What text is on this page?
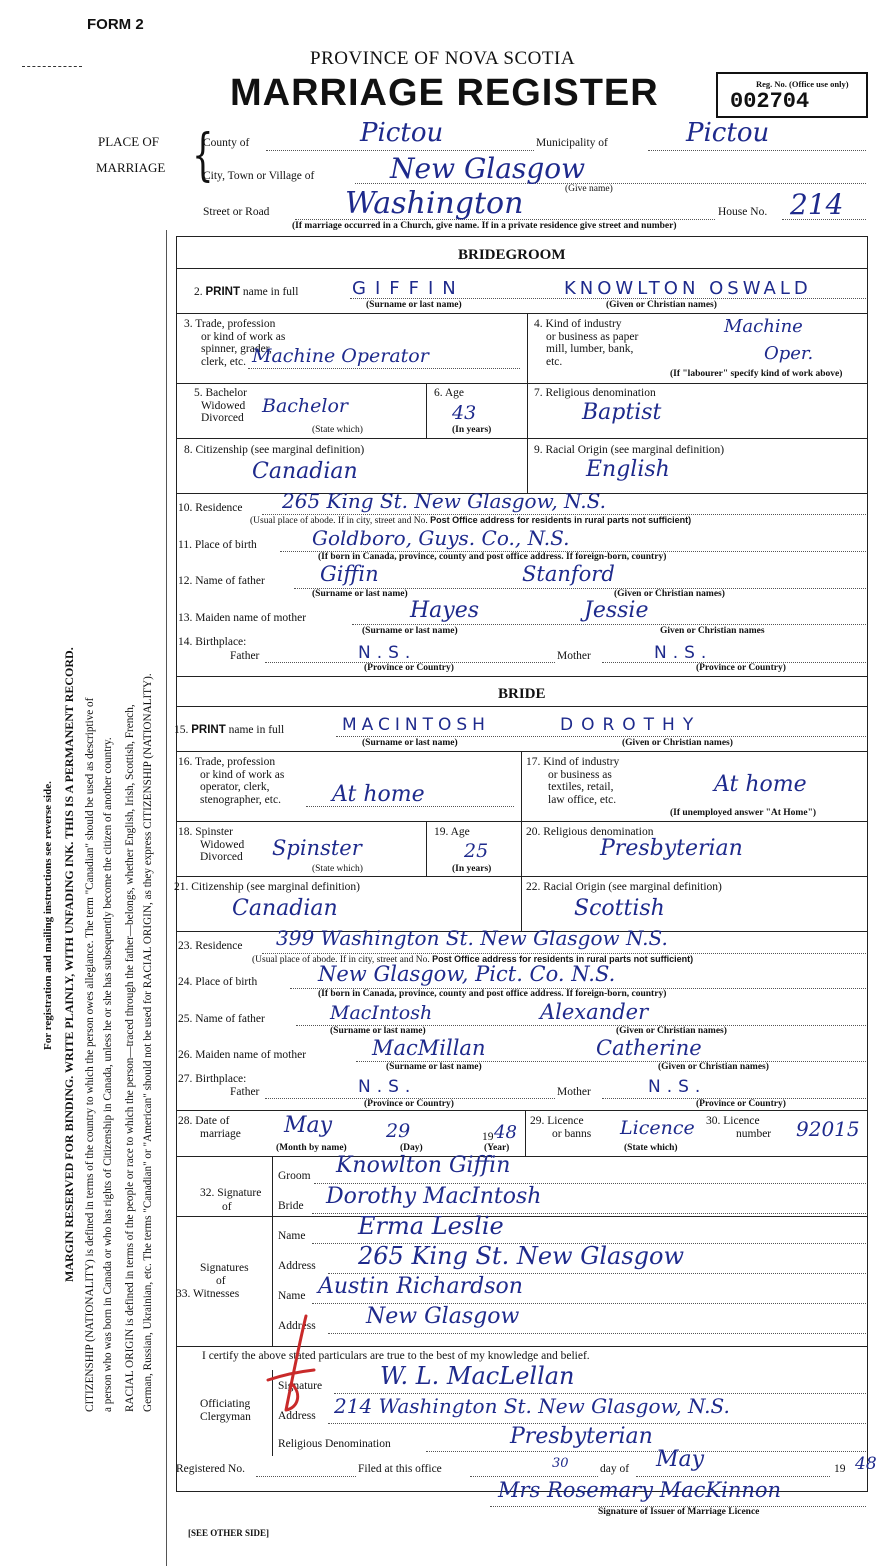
For registration and mailing instructions see reverse side. MARGIN RESERVED FOR BINDING. WRITE PLAINLY, WITH UNFADING INK. THIS IS A PERMANENT RECORD. CITIZENSHIP (NATIONALITY) is defined in terms of the country to which the person owes allegiance. The term "Canadian" should be used as descriptive of a person who was born in Canada or who has rights of Citizenship in Canada, unless he or she has subsequently become the citizen of another country. RACIAL ORIGIN is defined in terms of the people or race to which the person—traced through the father—belongs, whether English, Irish, Scottish, French, German, Russian, Ukrainian, etc. The terms "Canadian" or "American" should not be used for RACIAL ORIGIN, as they express CITIZENSHIP (NATIONALITY).
FORM 2
PROVINCE OF NOVA SCOTIA
MARRIAGE REGISTER	Reg. No. (Office use only)
002704
PLACE OF
MARRIAGE {
County of	Pictou	Municipality of	Pictou
City, Town or Village of	New Glasgow
(Give name)
Street or Road	Washington	House No. 214
(If marriage occurred in a Church, give name. If in a private residence give street and number)
BRIDEGROOM
2. PRINT name in full	GIFFIN	KNOWLTON OSWALD
(Surname or last name)	(Given or Christian names)
3. Trade, profession
or kind of work as
spinner, grader,
clerk, etc. Machine Operator
4. Kind of industry
or business as paper
mill, lumber, bank,
etc.
Machine
Oper.
(If "labourer" specify kind of work above)
5. Bachelor
Widowed
Divorced
Bachelor
(State which)
6. Age
43
(In years)
7. Religious denomination
Baptist
8. Citizenship (see marginal definition)
Canadian
9. Racial Origin (see marginal definition)
English
10. Residence 265 King St. New Glasgow, N.S.
(Usual place of abode. If in city, street and No. Post Office address for residents in rural parts not sufficient)
11. Place of birth	Goldboro, Guys. Co., N.S.
(If born in Canada, province, county and post office address. If foreign-born, country)
12. Name of father	Giffin	Stanford
(Surname or last name)	(Given or Christian names)
13. Maiden name of mother	Hayes	Jessie
(Surname or last name)	Given or Christian names
14. Birthplace:
Father	N.S.	Mother	N.S.
(Province or Country)	(Province or Country)
BRIDE
15. PRINT name in full	MACINTOSH	DOROTHY
(Surname or last name)	(Given or Christian names)
16. Trade, profession
or kind of work as
operator, clerk,
stenographer, etc. At home
17. Kind of industry
or business as
textiles, retail,
law office, etc.
At home
(If unemployed answer "At Home")
18. Spinster
Widowed
Divorced Spinster
(State which)
19. Age
25
(In years)
20. Religious denomination
Presbyterian
21. Citizenship (see marginal definition)
Canadian
22. Racial Origin (see marginal definition)
Scottish
23. Residence 399 Washington St. New Glasgow N.S.
(Usual place of abode. If in city, street and No. Post Office address for residents in rural parts not sufficient)
24. Place of birth	New Glasgow, Pict. Co. N.S.
(If born in Canada, province, county and post office address. If foreign-born, country)
25. Name of father	MacIntosh	Alexander
(Surname or last name)	(Given or Christian names)
26. Maiden name of mother	MacMillan	Catherine
(Surname or last name)	(Given or Christian names)
27. Birthplace:
Father	N.S.	Mother	N.S.
(Province or Country)	(Province or Country)
28. Date of
marriage May	29	19 48
(Month by name)	(Day)	(Year)
29. Licence
or banns Licence
(State which)
30. Licence
number 92015
32. Signature
of
Groom Knowlton Giffin
Bride Dorothy MacIntosh
Signatures
of
33. Witnesses
Name Erma Leslie
Address 265 King St. New Glasgow
Name Austin Richardson
Address New Glasgow
I certify the above stated particulars are true to the best of my knowledge and belief.
Officiating
Clergyman
Signature W. L. MacLellan
Address 214 Washington St. New Glasgow, N.S.
Religious Denomination	Presbyterian
Registered No.	Filed at this office	30	day of May	19 48
Mrs Rosemary MacKinnon
Signature of Issuer of Marriage Licence
[SEE OTHER SIDE]
